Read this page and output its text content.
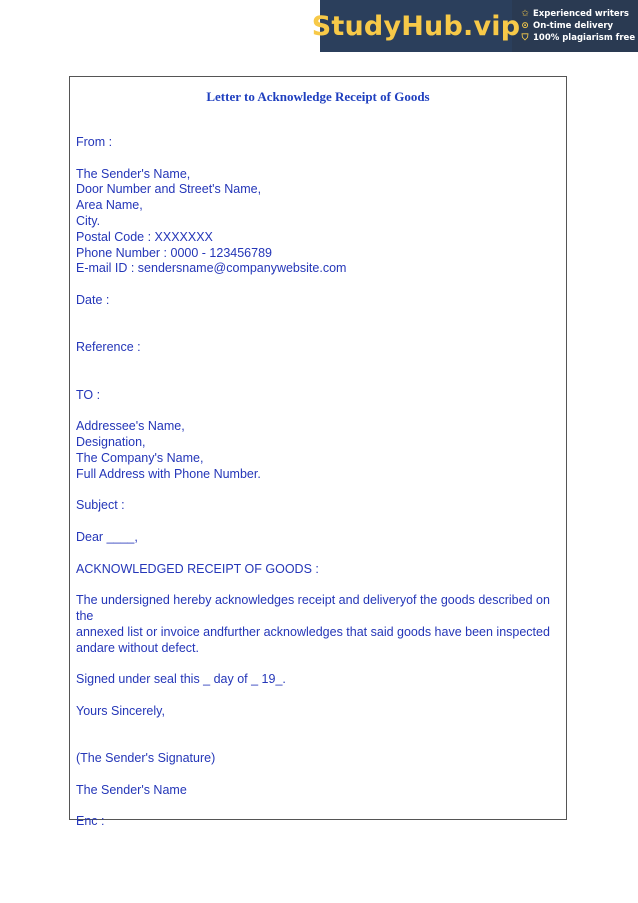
StudyHub.vip ✩ Experienced writers
⊙ On-time delivery
⛉ 100% plagiarism free
Letter to Acknowledge Receipt of Goods

From :

The Sender's Name,

Door Number and Street's Name,

Area Name,

City.

Postal Code : XXXXXXX

Phone Number : 0000 - 123456789

E-mail ID : sendersname@companywebsite.com

Date :

Reference :

TO :

Addressee's Name,

Designation,

The Company's Name,

Full Address with Phone Number.

Subject :

Dear ____,

ACKNOWLEDGED RECEIPT OF GOODS :

The undersigned hereby acknowledges receipt and deliveryof the goods described on the

annexed list or invoice andfurther acknowledges that said goods have been inspected

andare without defect.

Signed under seal this _ day of _ 19_.

Yours Sincerely,

(The Sender's Signature)

The Sender's Name

Enc :
